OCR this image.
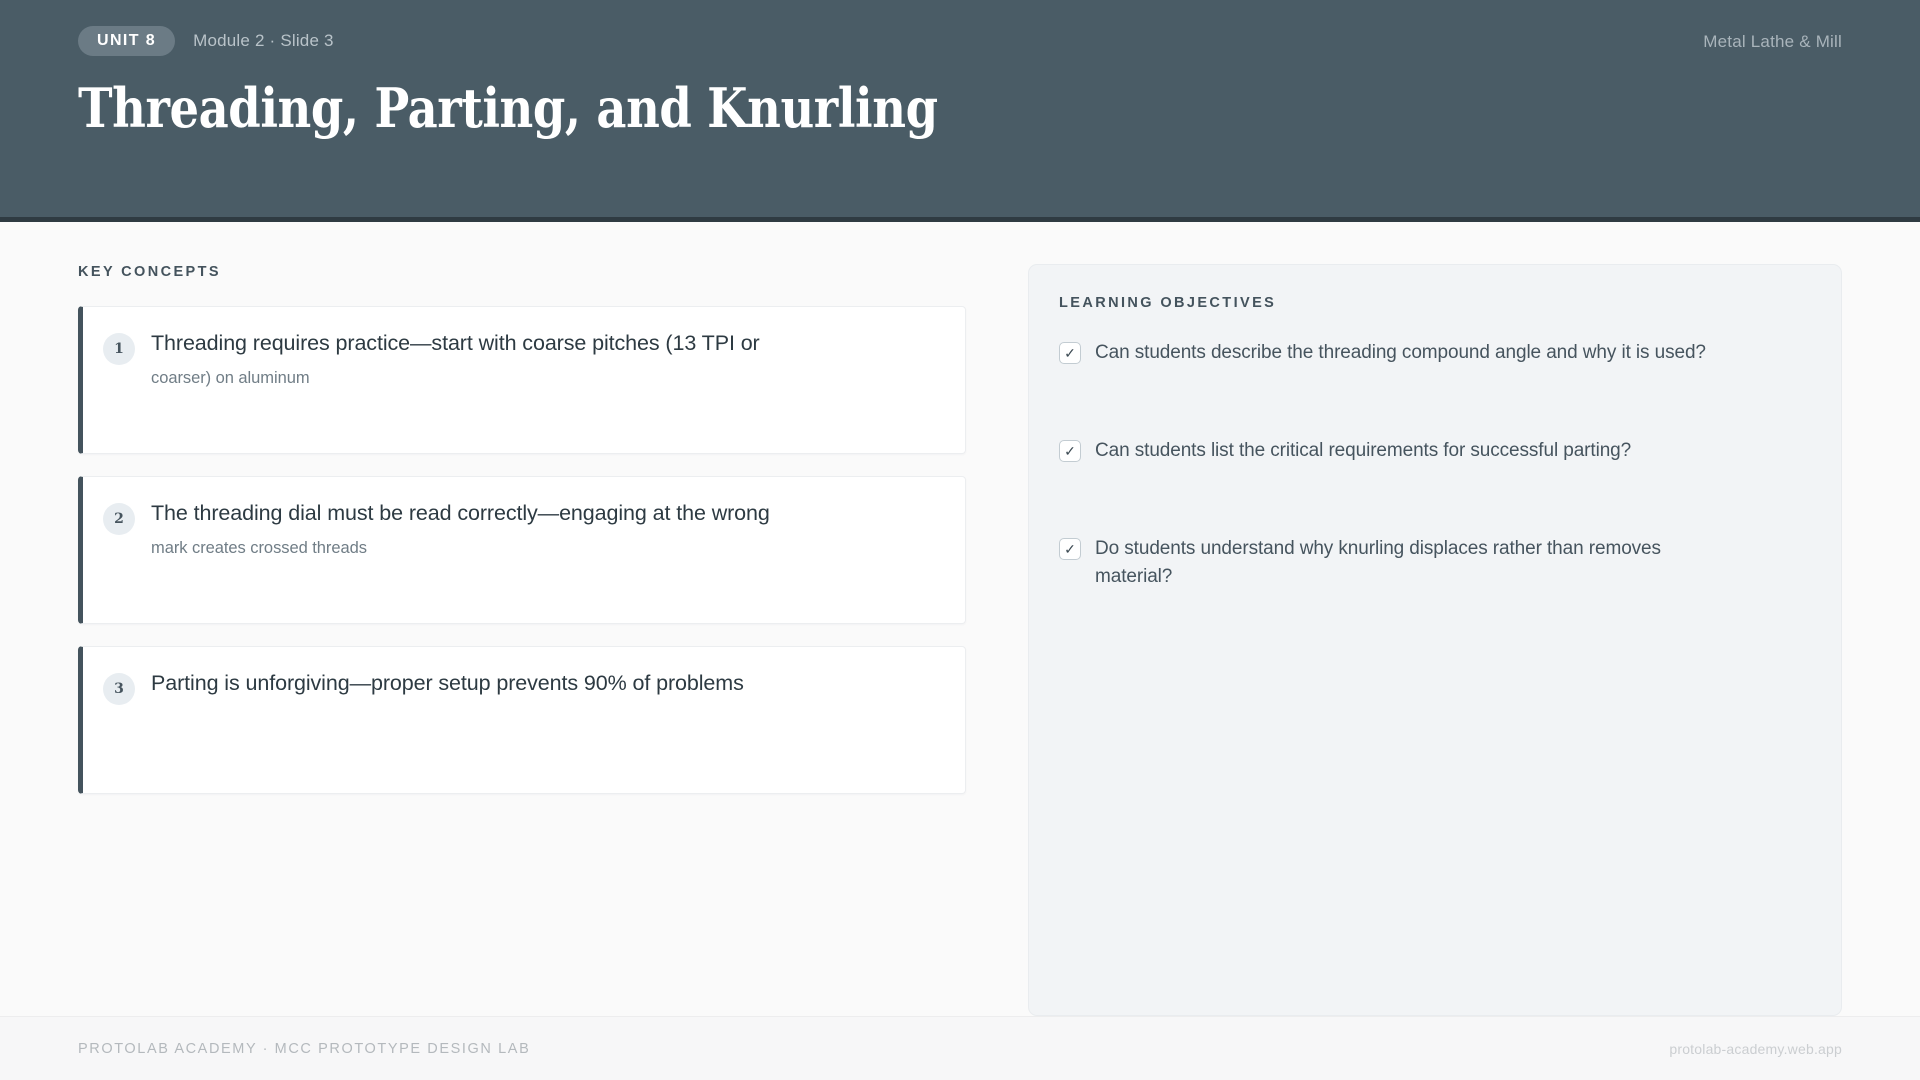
UNIT 8	Module 2 · Slide 3	Metal Lathe & Mill
Threading, Parting, and Knurling
KEY CONCEPTS
1	Threading requires practice—start with coarse pitches (13 TPI or
coarser) on aluminum
2	The threading dial must be read correctly—engaging at the wrong
mark creates crossed threads
3	Parting is unforgiving—proper setup prevents 90% of problems
LEARNING OBJECTIVES
✓ Can students describe the threading compound angle and why it is used?
✓ Can students list the critical requirements for successful parting?
✓ Do students understand why knurling displaces rather than removes material?
PROTOLAB ACADEMY · MCC PROTOTYPE DESIGN LAB	protolab-academy.web.app
